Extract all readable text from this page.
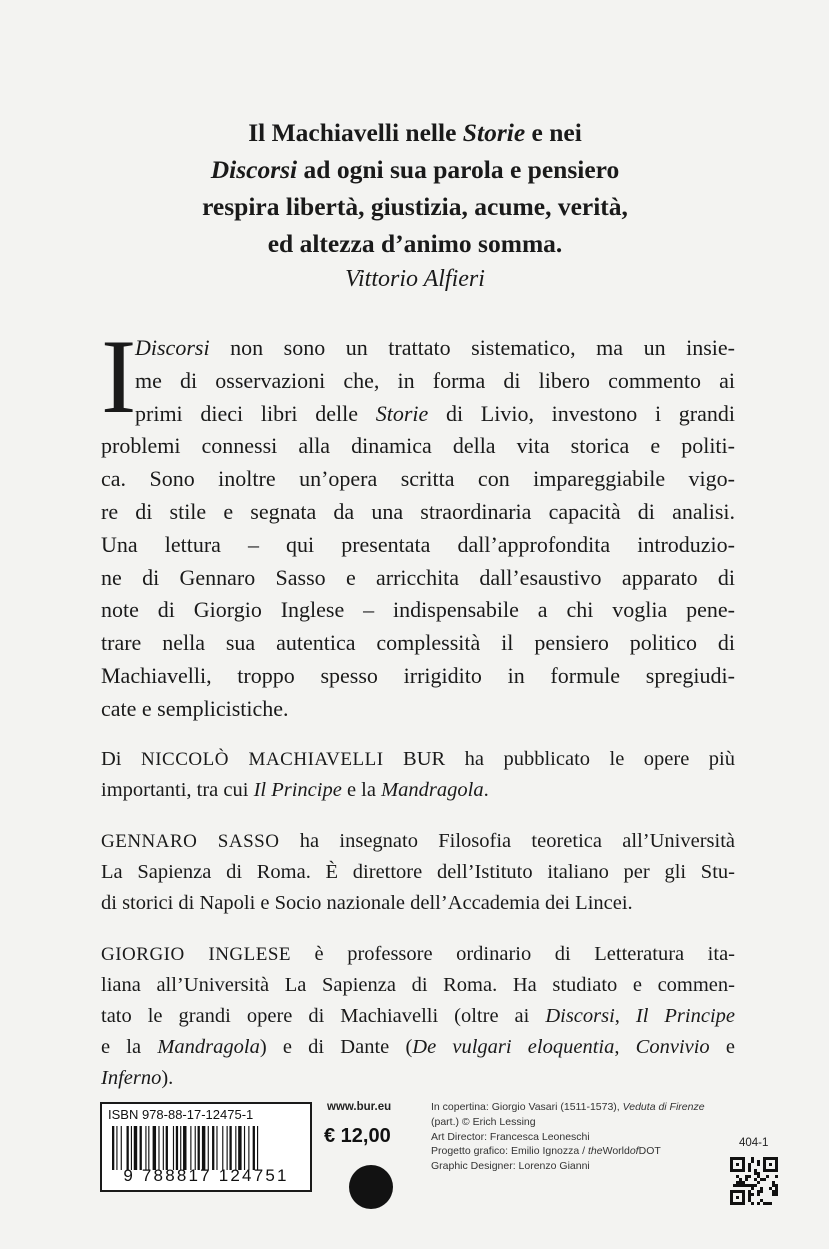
Il Machiavelli nelle Storie e nei
Discorsi ad ogni sua parola e pensiero
respira libertà, giustizia, acume, verità,
ed altezza d’animo somma.
Vittorio Alfieri
I
Discorsi non sono un trattato sistematico, ma un insie-
me di osservazioni che, in forma di libero commento ai
primi dieci libri delle Storie di Livio, investono i grandi
problemi connessi alla dinamica della vita storica e politi-
ca. Sono inoltre un’opera scritta con impareggiabile vigo-
re di stile e segnata da una straordinaria capacità di analisi.
Una lettura – qui presentata dall’approfondita introduzio-
ne di Gennaro Sasso e arricchita dall’esaustivo apparato di
note di Giorgio Inglese – indispensabile a chi voglia pene-
trare nella sua autentica complessità il pensiero politico di
Machiavelli, troppo spesso irrigidito in formule spregiudi-
cate e semplicistiche.

Di NICCOLÒ MACHIAVELLI BUR ha pubblicato le opere più
importanti, tra cui Il Principe e la Mandragola.

GENNARO SASSO ha insegnato Filosofia teoretica all’Università
La Sapienza di Roma. È direttore dell’Istituto italiano per gli Stu-
di storici di Napoli e Socio nazionale dell’Accademia dei Lincei.

GIORGIO INGLESE è professore ordinario di Letteratura ita-
liana all’Università La Sapienza di Roma. Ha studiato e commen-
tato le grandi opere di Machiavelli (oltre ai Discorsi, Il Principe
e la Mandragola) e di Dante (De vulgari eloquentia, Convivio e
Inferno).

ISBN 978-88-17-12475-1
9 788817 124751
www.bur.eu
€ 12,00
In copertina: Giorgio Vasari (1511-1573), Veduta di Firenze
(part.) © Erich Lessing
Art Director: Francesca Leoneschi
Progetto grafico: Emilio Ignozza / theWorldofDOT
Graphic Designer: Lorenzo Gianni
404-1
